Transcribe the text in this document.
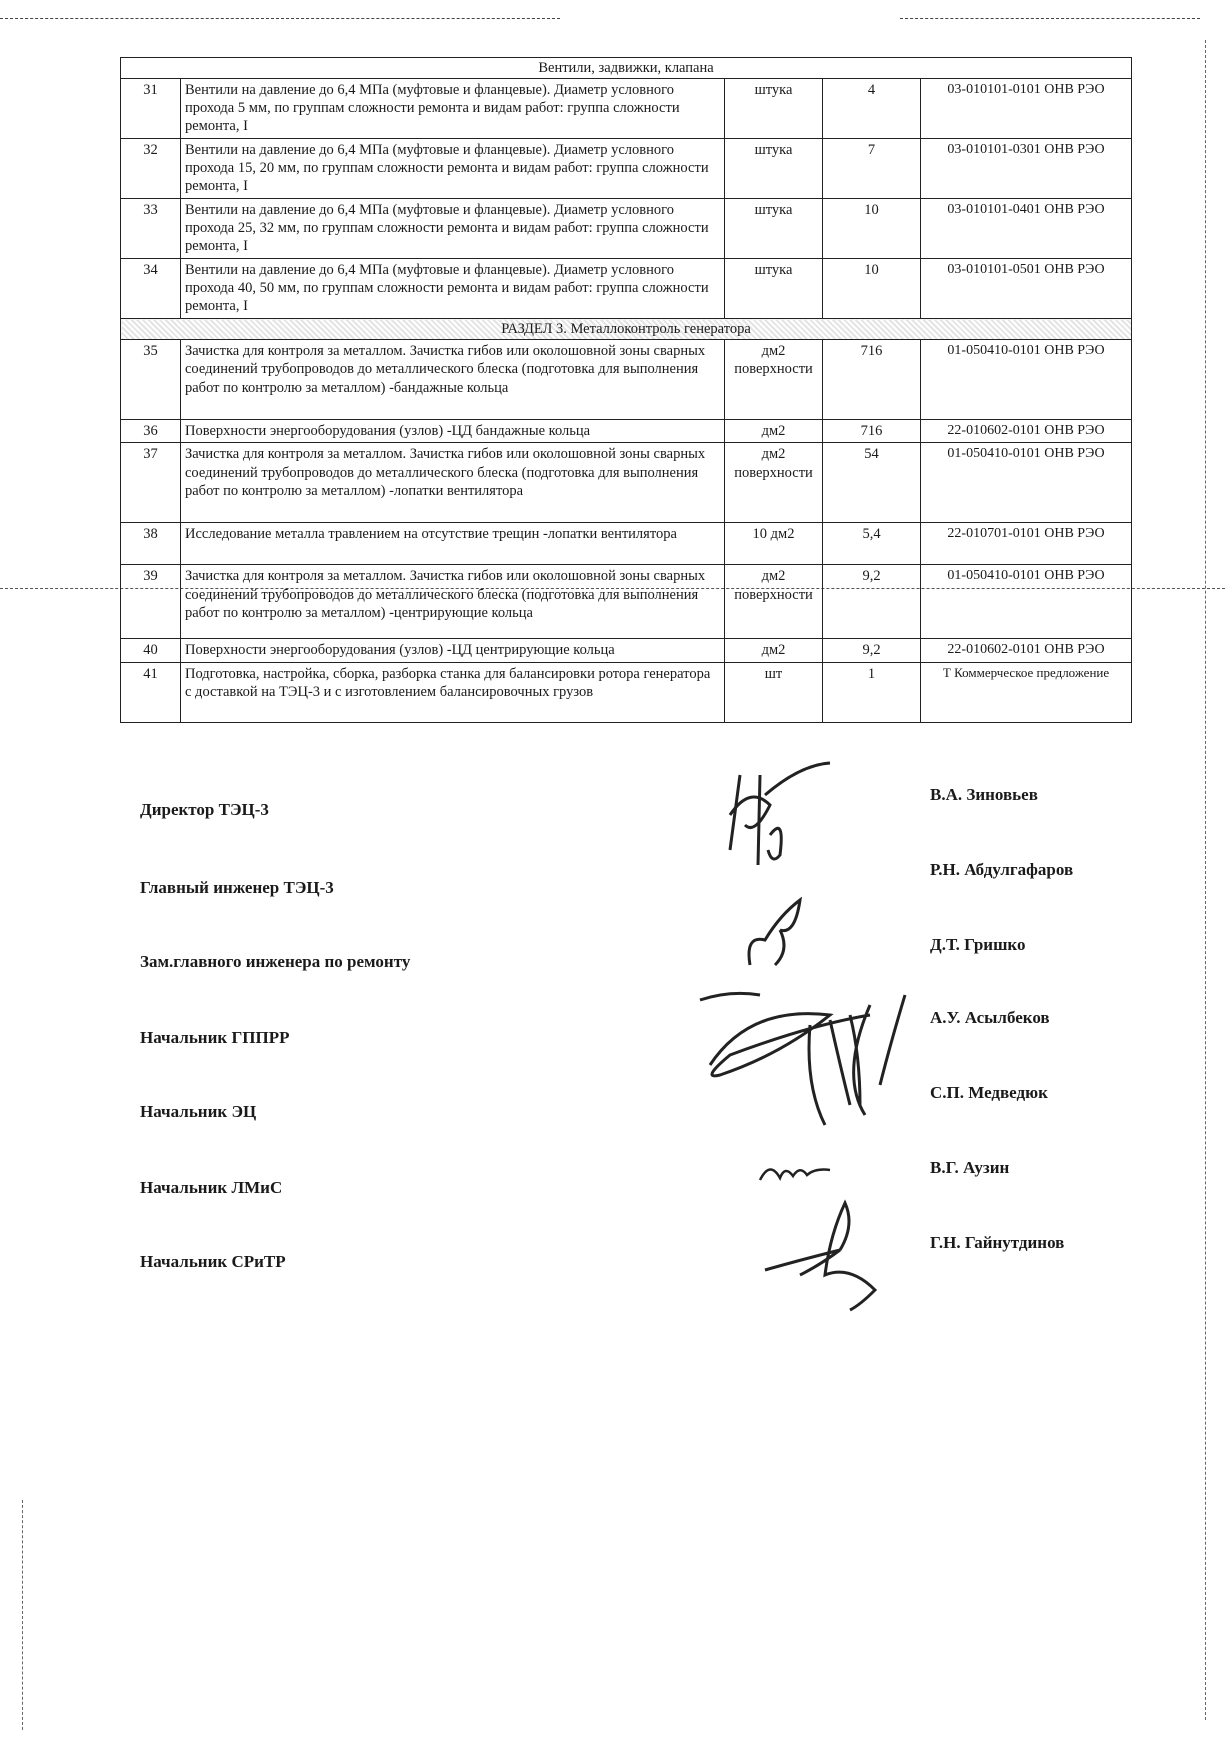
Вентили, задвижки, клапана				
31	Вентили на давление до 6,4 МПа (муфтовые и фланцевые). Диаметр условного прохода 5 мм, по группам сложности ремонта и видам работ: группа сложности ремонта, I	штука	4	03-010101-0101 ОНВ РЭО
32	Вентили на давление до 6,4 МПа (муфтовые и фланцевые). Диаметр условного прохода 15, 20 мм, по группам сложности ремонта и видам работ: группа сложности ремонта, I	штука	7	03-010101-0301 ОНВ РЭО
33	Вентили на давление до 6,4 МПа (муфтовые и фланцевые). Диаметр условного прохода 25, 32 мм, по группам сложности ремонта и видам работ: группа сложности ремонта, I	штука	10	03-010101-0401 ОНВ РЭО
34	Вентили на давление до 6,4 МПа (муфтовые и фланцевые). Диаметр условного прохода 40, 50 мм, по группам сложности ремонта и видам работ: группа сложности ремонта, I	штука	10	03-010101-0501 ОНВ РЭО
РАЗДЕЛ 3. Металлоконтроль генератора				
35	Зачистка для контроля за металлом. Зачистка гибов или околошовной зоны сварных соединений трубопроводов до металлического блеска (подготовка для выполнения работ по контролю за металлом) -бандажные кольца	дм2 поверхности	716	01-050410-0101 ОНВ РЭО
36	Поверхности энергооборудования (узлов) -ЦД бандажные кольца	дм2	716	22-010602-0101 ОНВ РЭО
37	Зачистка для контроля за металлом. Зачистка гибов или околошовной зоны сварных соединений трубопроводов до металлического блеска (подготовка для выполнения работ по контролю за металлом) -лопатки вентилятора	дм2 поверхности	54	01-050410-0101 ОНВ РЭО
38	Исследование металла травлением на отсутствие трещин -лопатки вентилятора	10 дм2	5,4	22-010701-0101 ОНВ РЭО
39	Зачистка для контроля за металлом. Зачистка гибов или околошовной зоны сварных соединений трубопроводов до металлического блеска (подготовка для выполнения работ по контролю за металлом) -центрирующие кольца	дм2 поверхности	9,2	01-050410-0101 ОНВ РЭО
40	Поверхности энергооборудования (узлов) -ЦД центрирующие кольца	дм2	9,2	22-010602-0101 ОНВ РЭО
41	Подготовка, настройка, сборка, разборка станка для балансировки ротора генератора с доставкой на ТЭЦ-3 и с изготовлением балансировочных грузов	шт	1	Т Коммерческое предложение
Директор ТЭЦ-3
В.А. Зиновьев
Главный инженер ТЭЦ-3
Р.Н. Абдулгафаров
Зам.главного инженера по ремонту
Д.Т. Гришко
Начальник ГППРР
А.У. Асылбеков
Начальник ЭЦ
С.П. Медведюк
Начальник ЛМиС
В.Г. Аузин
Начальник СРиТР
Г.Н. Гайнутдинов
